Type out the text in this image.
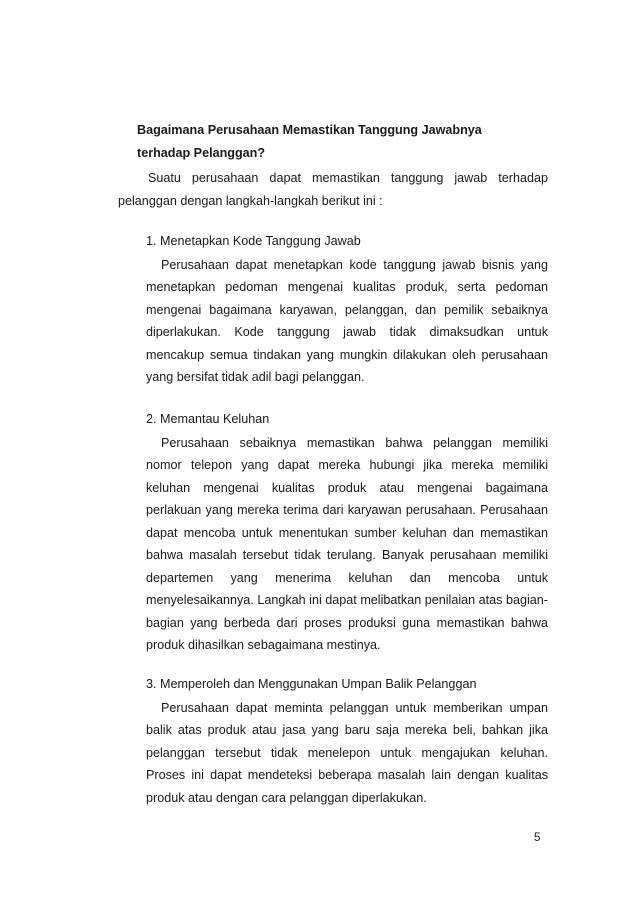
Bagaimana Perusahaan Memastikan Tanggung Jawabnya
terhadap Pelanggan?
Suatu perusahaan dapat memastikan tanggung jawab terhadap pelanggan dengan langkah-langkah berikut ini :
1. Menetapkan Kode Tanggung Jawab
Perusahaan dapat menetapkan kode tanggung jawab bisnis yang menetapkan pedoman mengenai kualitas produk, serta pedoman mengenai bagaimana karyawan, pelanggan, dan pemilik sebaiknya diperlakukan. Kode tanggung jawab tidak dimaksudkan untuk mencakup semua tindakan yang mungkin dilakukan oleh perusahaan yang bersifat tidak adil bagi pelanggan.
2. Memantau Keluhan
Perusahaan sebaiknya memastikan bahwa pelanggan memiliki nomor telepon yang dapat mereka hubungi jika mereka memiliki keluhan mengenai kualitas produk atau mengenai bagaimana perlakuan yang mereka terima dari karyawan perusahaan. Perusahaan dapat mencoba untuk menentukan sumber keluhan dan memastikan bahwa masalah tersebut tidak terulang. Banyak perusahaan memiliki departemen yang menerima keluhan dan mencoba untuk menyelesaikannya. Langkah ini dapat melibatkan penilaian atas bagian-bagian yang berbeda dari proses produksi guna memastikan bahwa produk dihasilkan sebagaimana mestinya.
3. Memperoleh dan Menggunakan Umpan Balik Pelanggan
Perusahaan dapat meminta pelanggan untuk memberikan umpan balik atas produk atau jasa yang baru saja mereka beli, bahkan jika pelanggan tersebut tidak menelepon untuk mengajukan keluhan. Proses ini dapat mendeteksi beberapa masalah lain dengan kualitas produk atau dengan cara pelanggan diperlakukan.
5
